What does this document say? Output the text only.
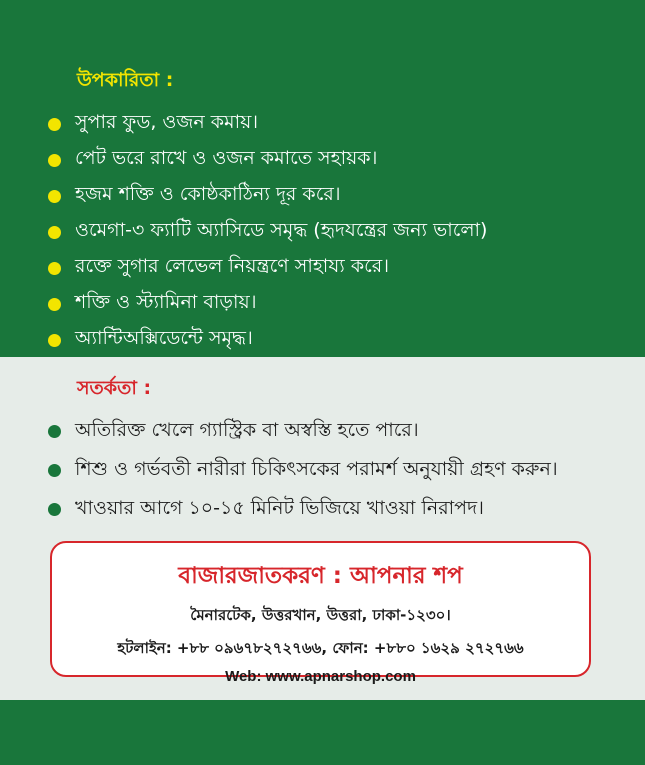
উপকারিতা :
সুপার ফুড, ওজন কমায়।
পেট ভরে রাখে ও ওজন কমাতে সহায়ক।
হজম শক্তি ও কোষ্ঠকাঠিন্য দূর করে।
ওমেগা-৩ ফ্যাটি অ্যাসিডে সমৃদ্ধ (হৃদযন্ত্রের জন্য ভালো)
রক্তে সুগার লেভেল নিয়ন্ত্রণে সাহায্য করে।
শক্তি ও স্ট্যামিনা বাড়ায়।
অ্যান্টিঅক্সিডেন্টে সমৃদ্ধ।
সতর্কতা :
অতিরিক্ত খেলে গ্যাস্ট্রিক বা অস্বস্তি হতে পারে।
শিশু ও গর্ভবতী নারীরা চিকিৎসকের পরামর্শ অনুযায়ী গ্রহণ করুন।
খাওয়ার আগে ১০-১৫ মিনিট ভিজিয়ে খাওয়া নিরাপদ।
বাজারজাতকরণ : আপনার শপ
মৈনারটেক, উত্তরখান, উত্তরা, ঢাকা-১২৩০।
হটলাইন: +৮৮ ০৯৬৭৮২৭২৭৬৬, ফোন: +৮৮০ ১৬২৯ ২৭২৭৬৬
Web: www.apnarshop.com
